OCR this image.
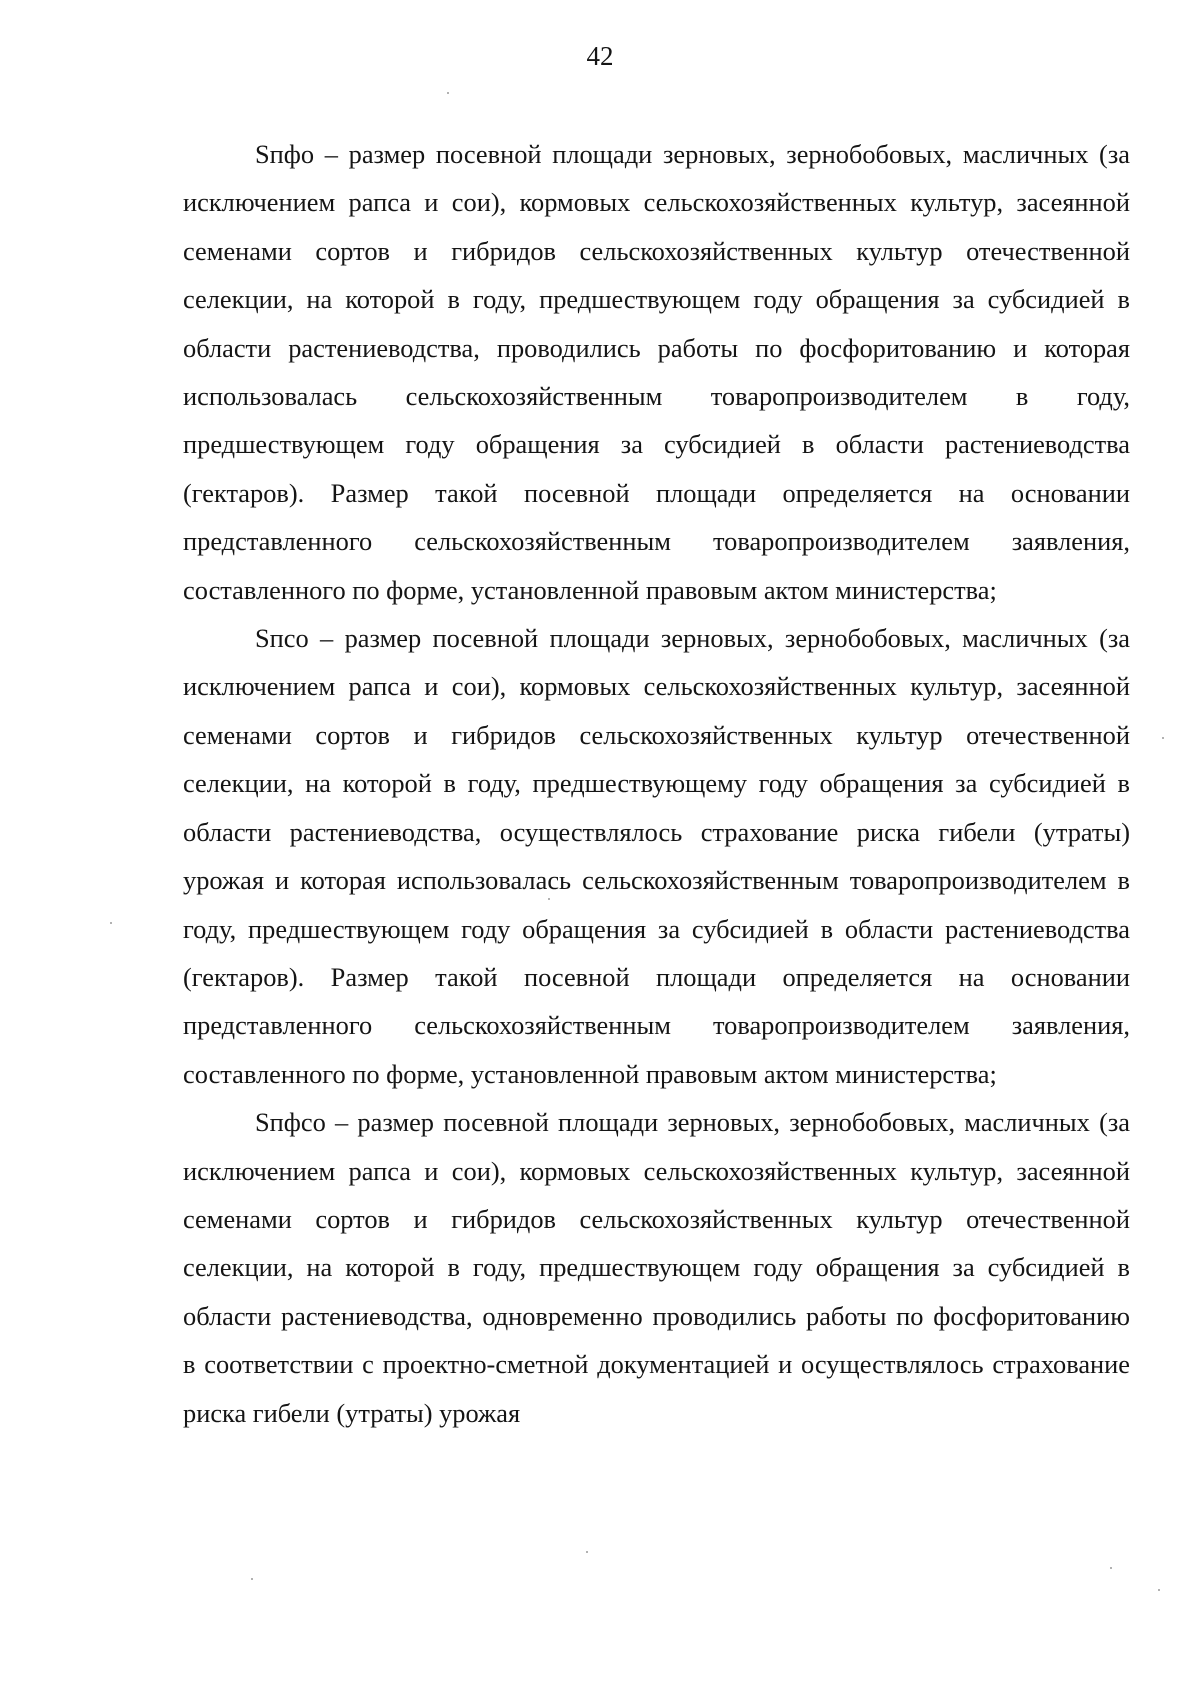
42

Sпфо – размер посевной площади зерновых, зернобобовых, масличных (за исключением рапса и сои), кормовых сельскохозяйственных культур, засеянной семенами сортов и гибридов сельскохозяйственных культур отечественной селекции, на которой в году, предшествующем году обращения за субсидией в области растениеводства, проводились работы по фосфоритованию и которая использовалась сельскохозяйственным товаропроизводителем в году, предшествующем году обращения за субсидией в области растениеводства (гектаров). Размер такой посевной площади определяется на основании представленного сельскохозяйственным товаропроизводителем заявления, составленного по форме, установленной правовым актом министерства;

Sпсо – размер посевной площади зерновых, зернобобовых, масличных (за исключением рапса и сои), кормовых сельскохозяйственных культур, засеянной семенами сортов и гибридов сельскохозяйственных культур отечественной селекции, на которой в году, предшествующему году обращения за субсидией в области растениеводства, осуществлялось страхование риска гибели (утраты) урожая и которая использовалась сельскохозяйственным товаропроизводителем в году, предшествующем году обращения за субсидией в области растениеводства (гектаров). Размер такой посевной площади определяется на основании представленного сельскохозяйственным товаропроизводителем заявления, составленного по форме, установленной правовым актом министерства;

Sпфсо – размер посевной площади зерновых, зернобобовых, масличных (за исключением рапса и сои), кормовых сельскохозяйственных культур, засеянной семенами сортов и гибридов сельскохозяйственных культур отечественной селекции, на которой в году, предшествующем году обращения за субсидией в области растениеводства, одновременно проводились работы по фосфоритованию в соответствии с проектно-сметной документацией и осуществлялось страхование риска гибели (утраты) урожая
